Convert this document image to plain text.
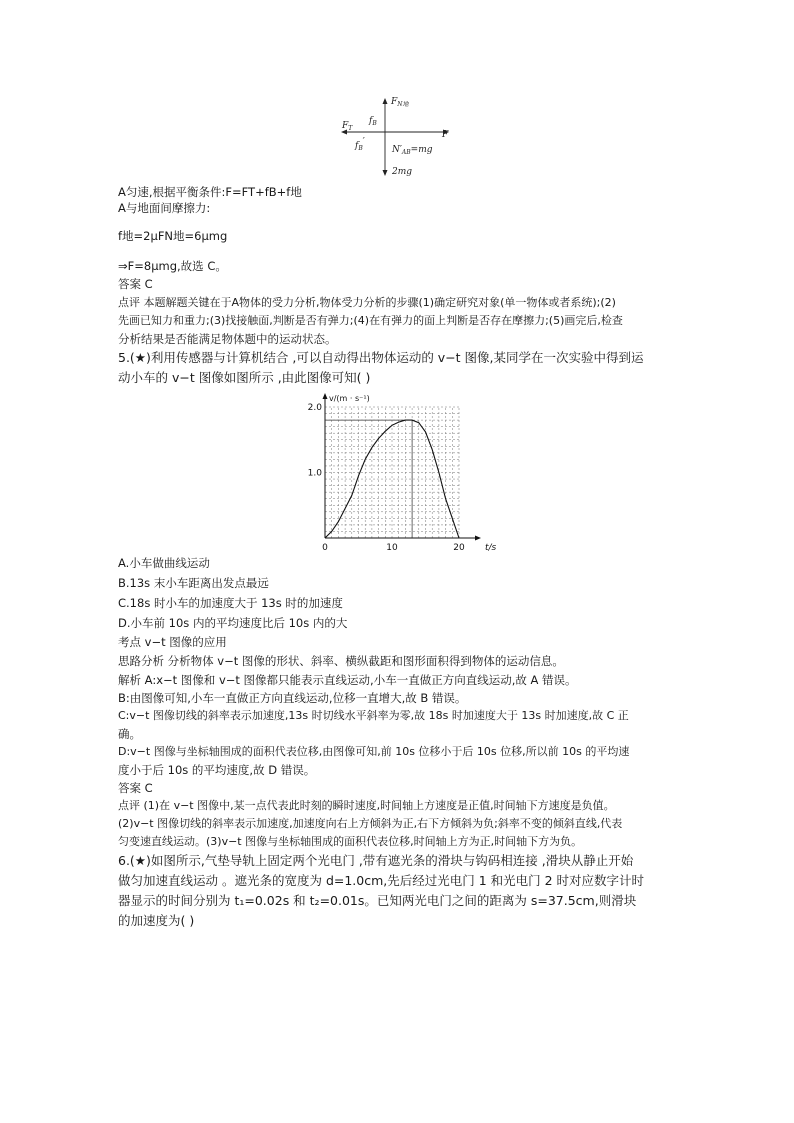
$F_{N地}$
$F_T$
$f_B$
F
$f_B'$
$N'_{AB}=mg$
2mg
A匀速,根据平衡条件:F=FT+fB+f地
A与地面间摩擦力:
f地=2μFN地=6μmg
⇒F=8μmg,故选 C。
答案 C
点评 本题解题关键在于A物体的受力分析,物体受力分析的步骤(1)确定研究对象(单一物体或者系统);(2)
先画已知力和重力;(3)找接触面,判断是否有弹力;(4)在有弹力的面上判断是否存在摩擦力;(5)画完后,检查
分析结果是否能满足物体题中的运动状态。
5.(★)利用传感器与计算机结合 ,可以自动得出物体运动的 v−t 图像,某同学在一次实验中得到运
动小车的 v−t 图像如图所示 ,由此图像可知( )
0	10	20
1.0
2.0
t/s
v/(m · s⁻¹)
A.小车做曲线运动
B.13s 末小车距离出发点最远
C.18s 时小车的加速度大于 13s 时的加速度
D.小车前 10s 内的平均速度比后 10s 内的大
考点 v−t 图像的应用
思路分析 分析物体 v−t 图像的形状、斜率、横纵截距和图形面积得到物体的运动信息。
解析 A:x−t 图像和 v−t 图像都只能表示直线运动,小车一直做正方向直线运动,故 A 错误。
B:由图像可知,小车一直做正方向直线运动,位移一直增大,故 B 错误。
C:v−t 图像切线的斜率表示加速度,13s 时切线水平斜率为零,故 18s 时加速度大于 13s 时加速度,故 C 正
确。
D:v−t 图像与坐标轴围成的面积代表位移,由图像可知,前 10s 位移小于后 10s 位移,所以前 10s 的平均速
度小于后 10s 的平均速度,故 D 错误。
答案 C
点评 (1)在 v−t 图像中,某一点代表此时刻的瞬时速度,时间轴上方速度是正值,时间轴下方速度是负值。
(2)v−t 图像切线的斜率表示加速度,加速度向右上方倾斜为正,右下方倾斜为负;斜率不变的倾斜直线,代表
匀变速直线运动。(3)v−t 图像与坐标轴围成的面积代表位移,时间轴上方为正,时间轴下方为负。
6.(★)如图所示,气垫导轨上固定两个光电门 ,带有遮光条的滑块与钩码相连接 ,滑块从静止开始
做匀加速直线运动 。遮光条的宽度为 d=1.0cm,先后经过光电门 1 和光电门 2 时对应数字计时
器显示的时间分别为 t₁=0.02s 和 t₂=0.01s。已知两光电门之间的距离为 s=37.5cm,则滑块
的加速度为( )
